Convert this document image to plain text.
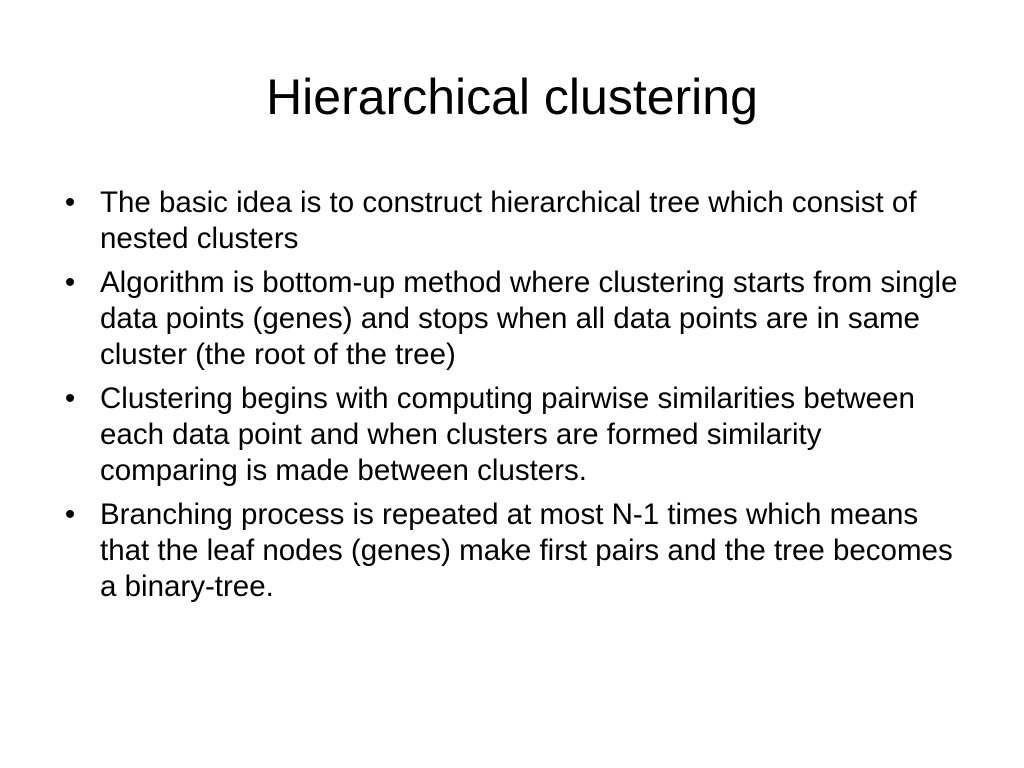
Hierarchical clustering
• The basic idea is to construct hierarchical tree which consist of nested clusters
• Algorithm is bottom-up method where clustering starts from single data points (genes) and stops when all data points are in same cluster (the root of the tree)
• Clustering begins with computing pairwise similarities between each data point and when clusters are formed similarity comparing is made between clusters.
• Branching process is repeated at most N-1 times which means that the leaf nodes (genes) make first pairs and the tree becomes a binary-tree.
